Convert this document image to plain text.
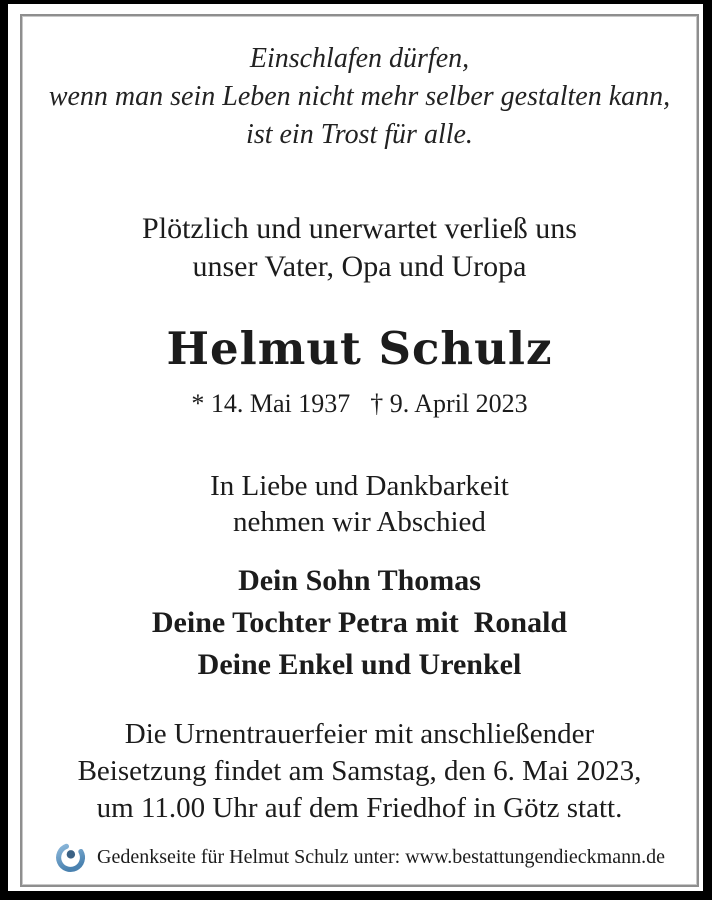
Einschlafen dürfen,
wenn man sein Leben nicht mehr selber gestalten kann,
ist ein Trost für alle.
Plötzlich und unerwartet verließ uns
unser Vater, Opa und Uropa
Helmut Schulz
* 14. Mai 1937 † 9. April 2023
In Liebe und Dankbarkeit
nehmen wir Abschied
Dein Sohn Thomas
Deine Tochter Petra mit  Ronald
Deine Enkel und Urenkel
Die Urnentrauerfeier mit anschließender
Beisetzung findet am Samstag, den 6. Mai 2023,
um 11.00 Uhr auf dem Friedhof in Götz statt.
Gedenkseite für Helmut Schulz unter: www.bestattungendieckmann.de
